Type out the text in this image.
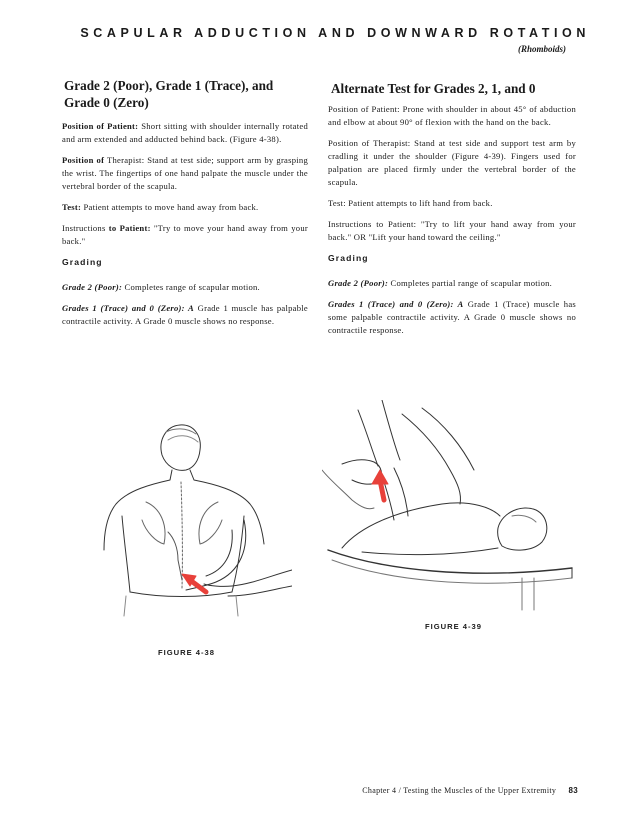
SCAPULAR ADDUCTION AND DOWNWARD ROTATION
(Rhomboids)
Grade 2 (Poor), Grade 1 (Trace), and Grade 0 (Zero)

Position of Patient: Short sitting with shoulder internally rotated and arm extended and adducted behind back. (Figure 4-38).

Position of Therapist: Stand at test side; support arm by grasping the wrist. The fingertips of one hand palpate the muscle under the vertebral border of the scapula.

Test: Patient attempts to move hand away from back.

Instructions to Patient: "Try to move your hand away from your back."

Grading

Grade 2 (Poor): Completes range of scapular motion.

Grades 1 (Trace) and 0 (Zero): A Grade 1 muscle has palpable contractile activity. A Grade 0 muscle shows no response.

Alternate Test for Grades 2, 1, and 0

Position of Patient: Prone with shoulder in about 45° of abduction and elbow at about 90° of flexion with the hand on the back.

Position of Therapist: Stand at test side and support test arm by cradling it under the shoulder (Figure 4-39). Fingers used for palpation are placed firmly under the vertebral border of the scapula.

Test: Patient attempts to lift hand from back.

Instructions to Patient: "Try to lift your hand away from your back." OR "Lift your hand toward the ceiling."

Grading

Grade 2 (Poor): Completes partial range of scapular motion.

Grades 1 (Trace) and 0 (Zero): A Grade 1 (Trace) muscle has some palpable contractile activity. A Grade 0 muscle shows no contractile response.

FIGURE 4-38
FIGURE 4-39
Chapter 4 / Testing the Muscles of the Upper Extremity 83
